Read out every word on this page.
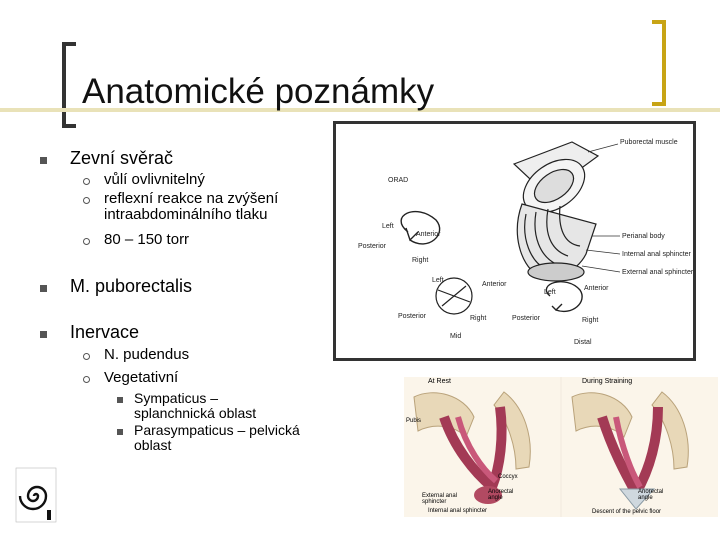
Anatomické poznámky
Zevní svěrač
vůlí ovlivnitelný
reflexní reakce na zvýšení intraabdominálního tlaku
80 – 150 torr
M. puborectalis
Inervace
N. pudendus
Vegetativní
Sympaticus – splanchnická oblast
Parasympaticus – pelvická oblast
Puborectal muscle
ORAD
Left
Anterior
Posterior
Right
Perianal body
Internal anal sphincter
External anal sphincter
Left
Anterior
Posterior	Right
Mid
Left
Anterior
Posterior	Right
Distal
At Rest
Pubis
Coccyx
External anal sphincter
Internal anal sphincter
Anorectal angle
During Straining
Anorectal angle
Descent of the pelvic floor
